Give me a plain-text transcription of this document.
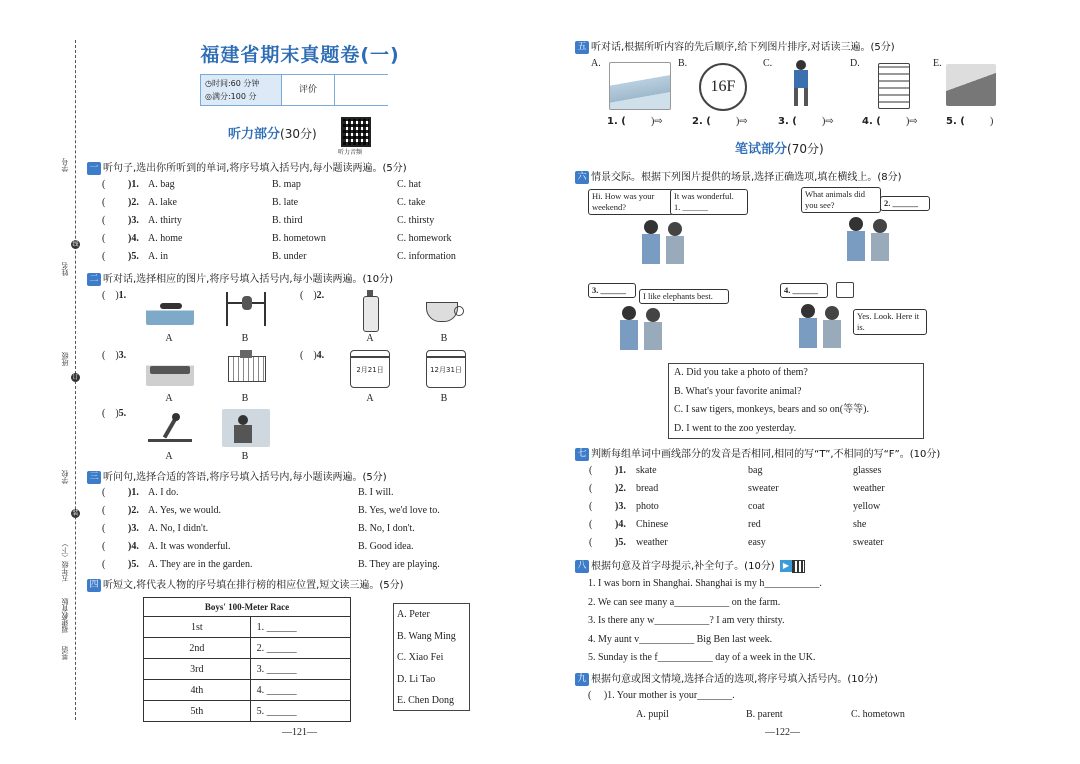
学号
姓名
班级
学校
五年级（下）
福建教育版
英语
线
订
装
福建省期末真题卷(一)
◷时间:60 分钟
◎满分:100 分
评价
听力部分(30分)
听力音频
一 听句子,选出你所听到的单词,将序号填入括号内,每小题读两遍。(5分)
( )1. A. bag	B. map	C. hat
( )2. A. lake	B. late	C. take
( )3. A. thirty	B. third	C. thirsty
( )4. A. home	B. hometown	C. homework
( )5. A. in	B. under	C. information
二 听对话,选择相应的图片,将序号填入括号内,每小题读两遍。(10分)
(    )1.
A	B
(    )2.
A	B
(    )3.
A	B
(    )4.
2月21日	12月31日
A	B
(    )5.
A	B
三 听问句,选择合适的答语,将序号填入括号内,每小题读两遍。(5分)
( )1. A. I do.	B. I will.
( )2. A. Yes, we would.	B. Yes, we'd love to.
( )3. A. No, I didn't.	B. No, I don't.
( )4. A. It was wonderful.	B. Good idea.
( )5. A. They are in the garden.	B. They are playing.
四 听短文,将代表人物的序号填在排行榜的相应位置,短文读三遍。(5分)
Boys' 100-Meter Race	
1st	1. ______
2nd	2. ______
3rd	3. ______
4th	4. ______
5th	5. ______
A. Peter
B. Wang Ming
C. Xiao Fei
D. Li Tao
E. Chen Dong
—121—
五 听对话,根据所听内容的先后顺序,给下列图片排序,对话读三遍。(5分)
A.	B.
16F
C.	D.	E.
1. (	)⇨	2. (	)⇨	3. (	)⇨	4. (	)⇨	5. (	)
笔试部分(70分)
六 情景交际。根据下列图片提供的场景,选择正确选项,填在横线上。(8分)
Hi. How was your weekend?
It was wonderful.
1. ______
What animals did you see?	2. ______
3. ______
I like elephants best.
4. ______
Yes. Look. Here it is.
A. Did you take a photo of them?
B. What's your favorite animal?
C. I saw tigers, monkeys, bears and so on(等等).
D. I went to the zoo yesterday.
七 判断每组单词中画线部分的发音是否相同,相同的写“T”,不相同的写“F”。(10分)
( )1. skate	bag	glasses
( )2. bread	sweater	weather
( )3. photo	coat	yellow
( )4. Chinese	red	she
( )5. weather	easy	sweater
八 根据句意及首字母提示,补全句子。(10分) ▶
1. I was born in Shanghai. Shanghai is my h___________.
2. We can see many a___________ on the farm.
3. Is there any w___________? I am very thirsty.
4. My aunt v___________ Big Ben last week.
5. Sunday is the f___________ day of a week in the UK.
九 根据句意或图文情境,选择合适的选项,将序号填入括号内。(10分)
(     )1. Your mother is your_______.
A. pupil	B. parent	C. hometown
—122—
